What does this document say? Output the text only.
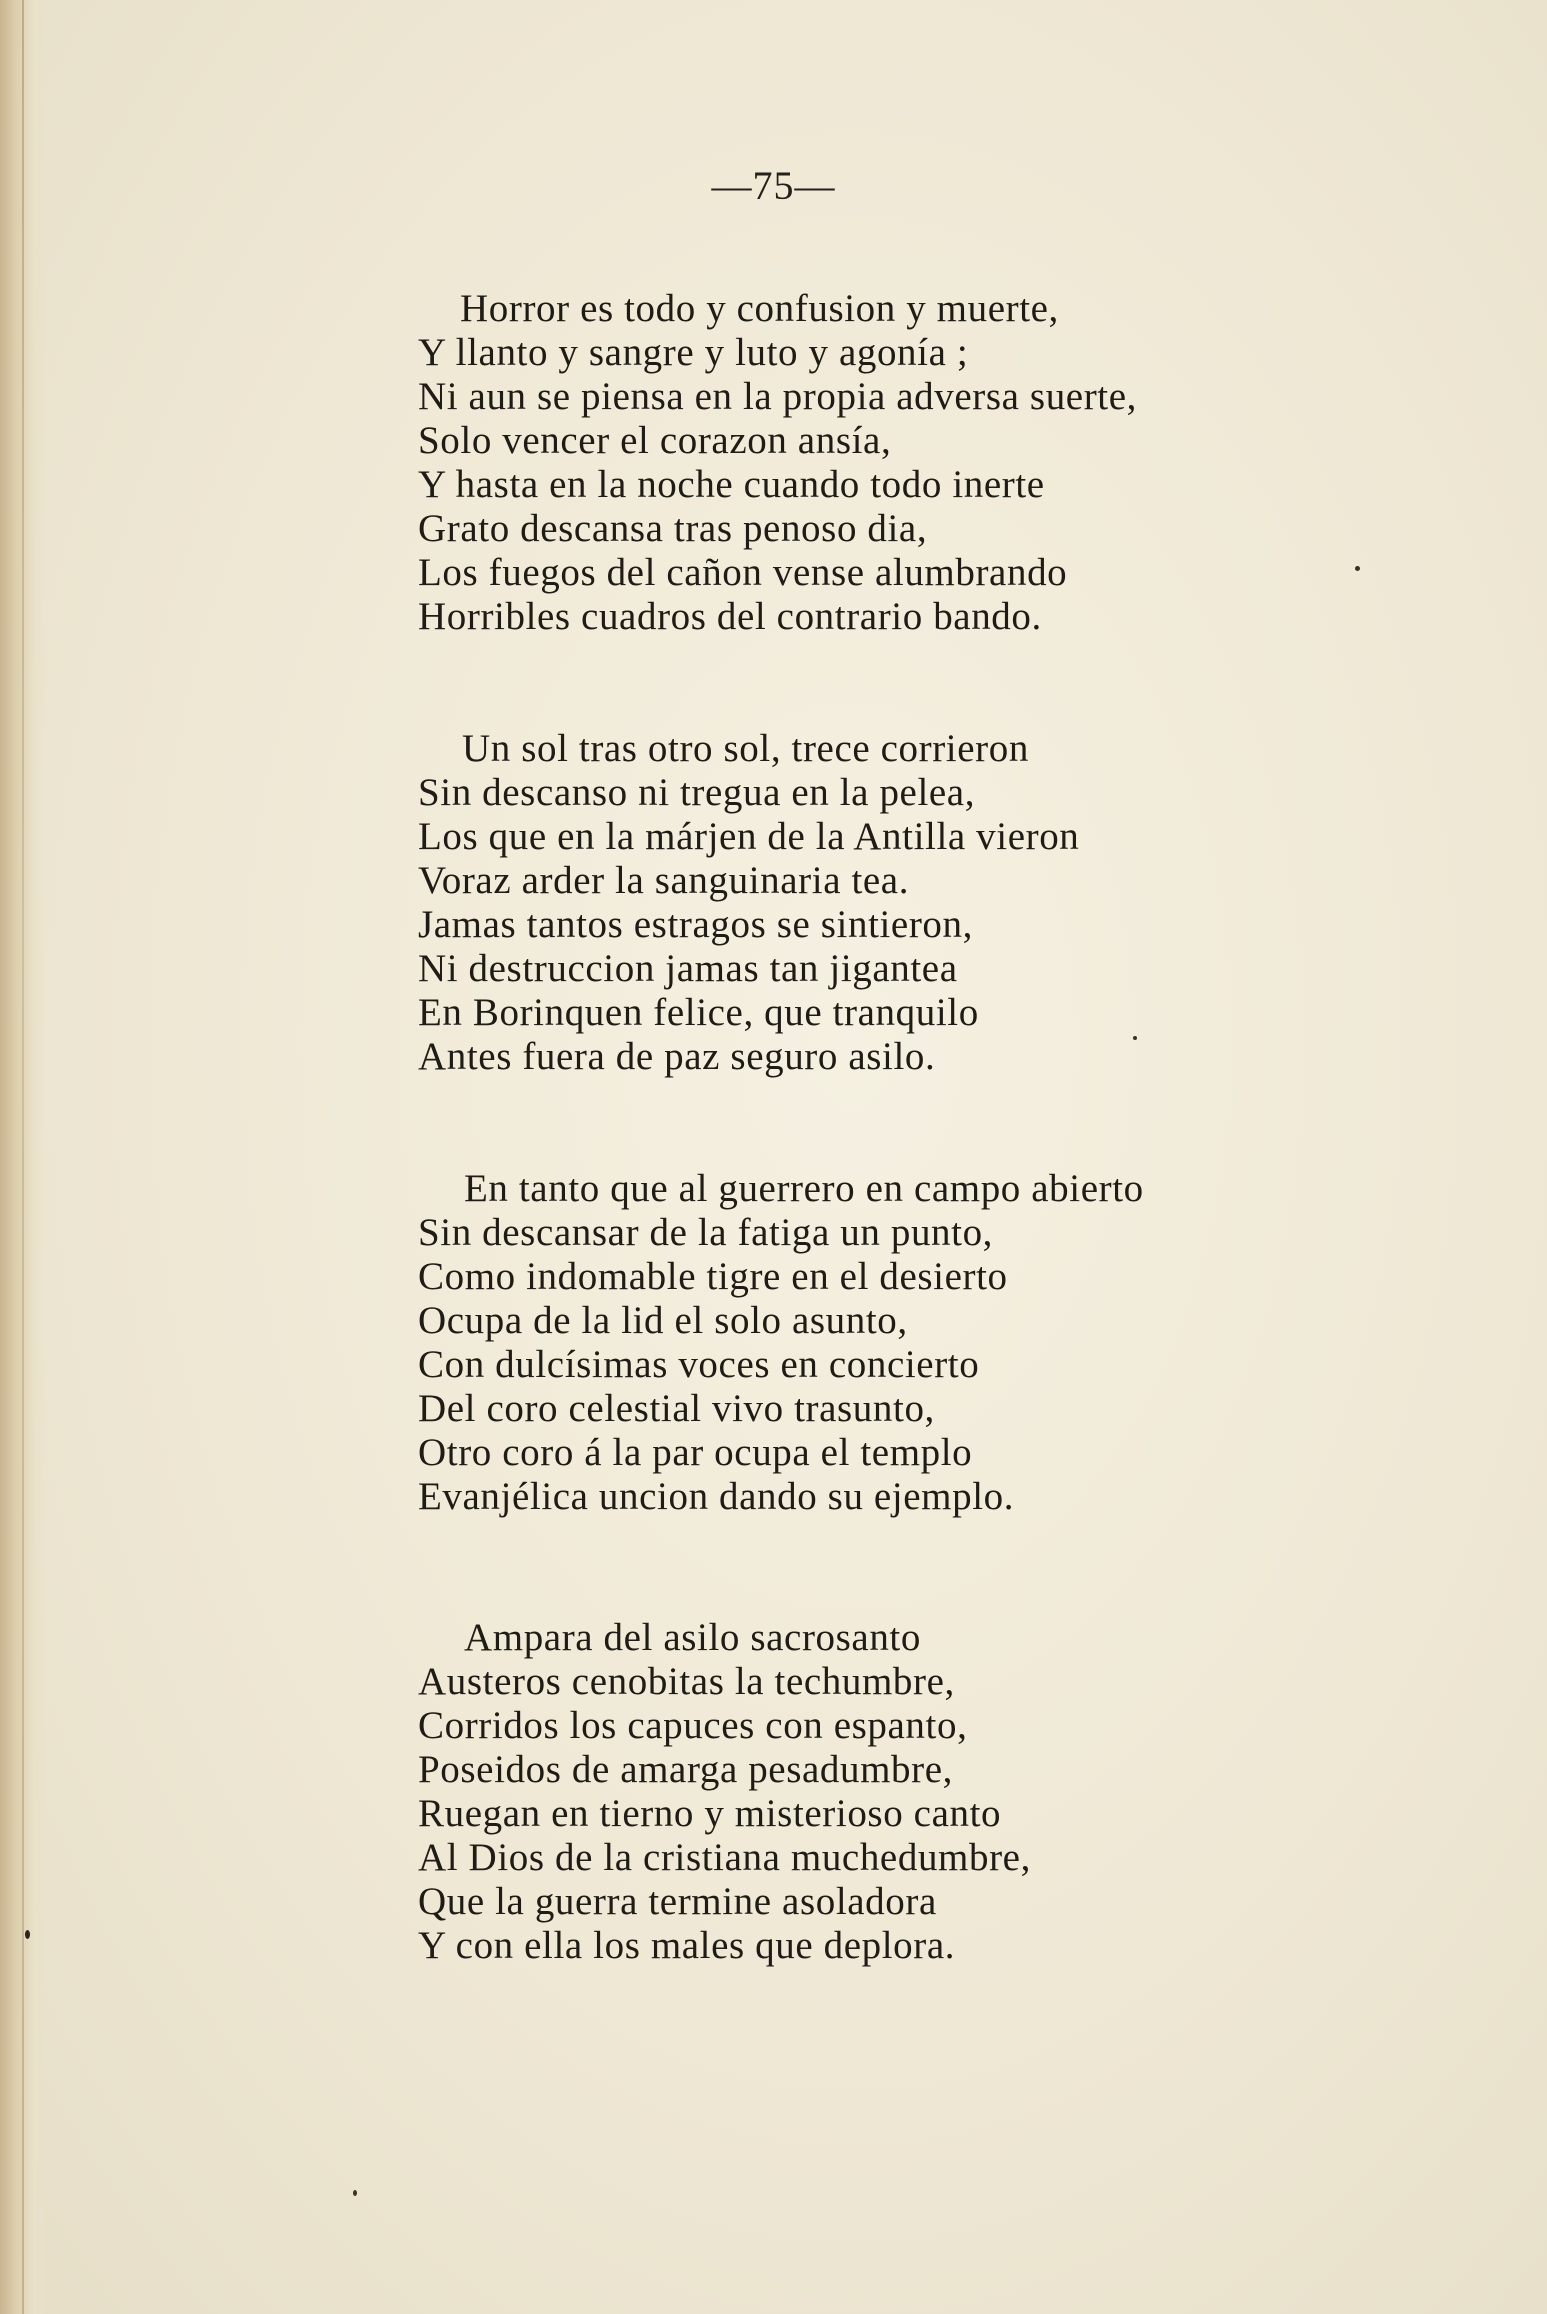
—75—
Horror es todo y confusion y muerte,
Y llanto y sangre y luto y agonía ;
Ni aun se piensa en la propia adversa suerte,
Solo vencer el corazon ansía,
Y hasta en la noche cuando todo inerte
Grato descansa tras penoso dia,
Los fuegos del cañon vense alumbrando
Horribles cuadros del contrario bando.
Un sol tras otro sol, trece corrieron
Sin descanso ni tregua en la pelea,
Los que en la márjen de la Antilla vieron
Voraz arder la sanguinaria tea.
Jamas tantos estragos se sintieron,
Ni destruccion jamas tan jigantea
En Borinquen felice, que tranquilo
Antes fuera de paz seguro asilo.
En tanto que al guerrero en campo abierto
Sin descansar de la fatiga un punto,
Como indomable tigre en el desierto
Ocupa de la lid el solo asunto,
Con dulcísimas voces en concierto
Del coro celestial vivo trasunto,
Otro coro á la par ocupa el templo
Evanjélica uncion dando su ejemplo.
Ampara del asilo sacrosanto
Austeros cenobitas la techumbre,
Corridos los capuces con espanto,
Poseidos de amarga pesadumbre,
Ruegan en tierno y misterioso canto
Al Dios de la cristiana muchedumbre,
Que la guerra termine asoladora
Y con ella los males que deplora.
